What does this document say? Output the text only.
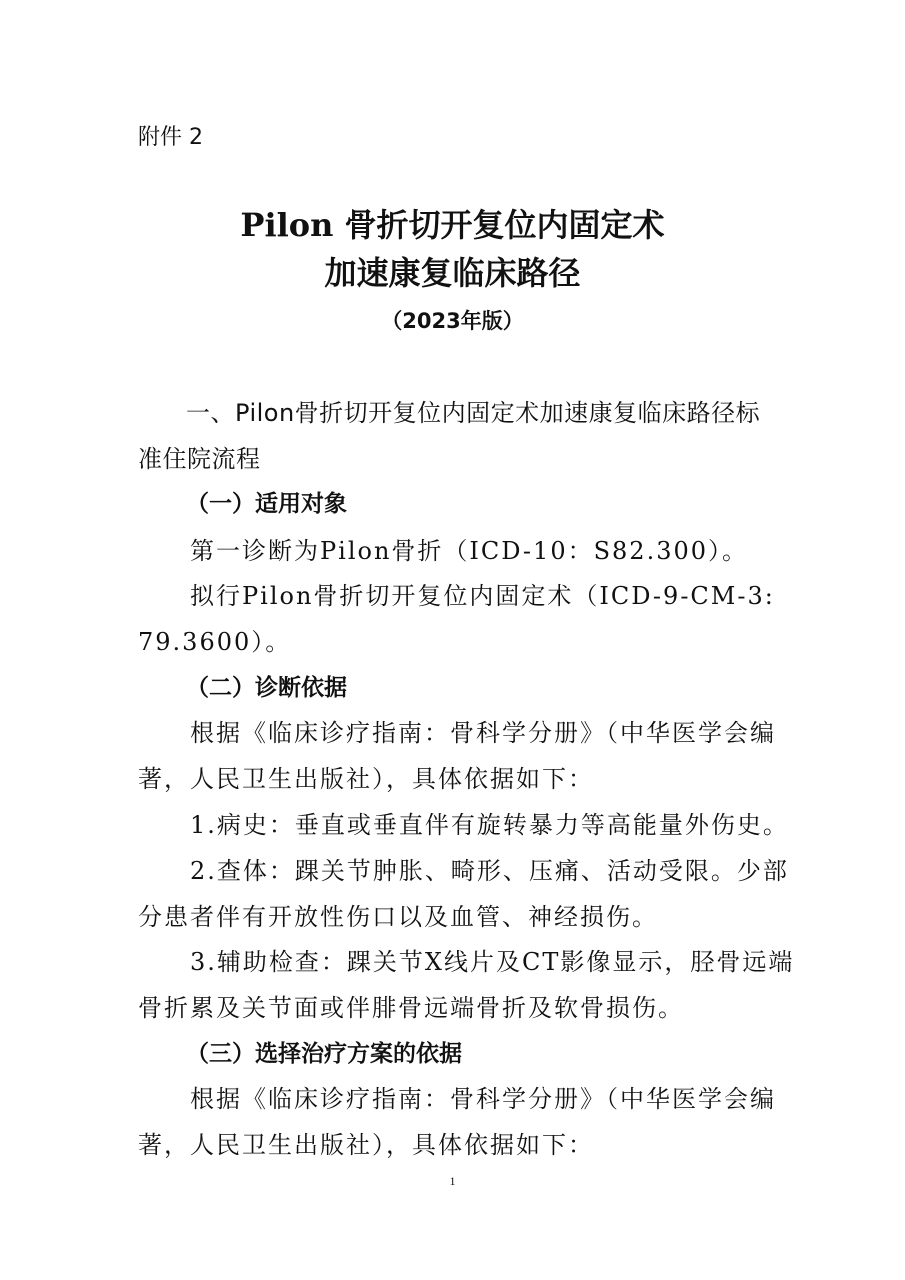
附件 2
Pilon 骨折切开复位内固定术
加速康复临床路径
（2023年版）
一、Pilon骨折切开复位内固定术加速康复临床路径标
准住院流程
（一）适用对象
第一诊断为Pilon骨折（ICD-10：S82.300）。
拟行Pilon骨折切开复位内固定术（ICD-9-CM-3:
79.3600）。
（二）诊断依据
根据《临床诊疗指南：骨科学分册》（中华医学会编
著，人民卫生出版社），具体依据如下：
1.病史：垂直或垂直伴有旋转暴力等高能量外伤史。
2.查体：踝关节肿胀、畸形、压痛、活动受限。少部
分患者伴有开放性伤口以及血管、神经损伤。
3.辅助检查：踝关节X线片及CT影像显示，胫骨远端
骨折累及关节面或伴腓骨远端骨折及软骨损伤。
（三）选择治疗方案的依据
根据《临床诊疗指南：骨科学分册》（中华医学会编
著，人民卫生出版社），具体依据如下：
1
